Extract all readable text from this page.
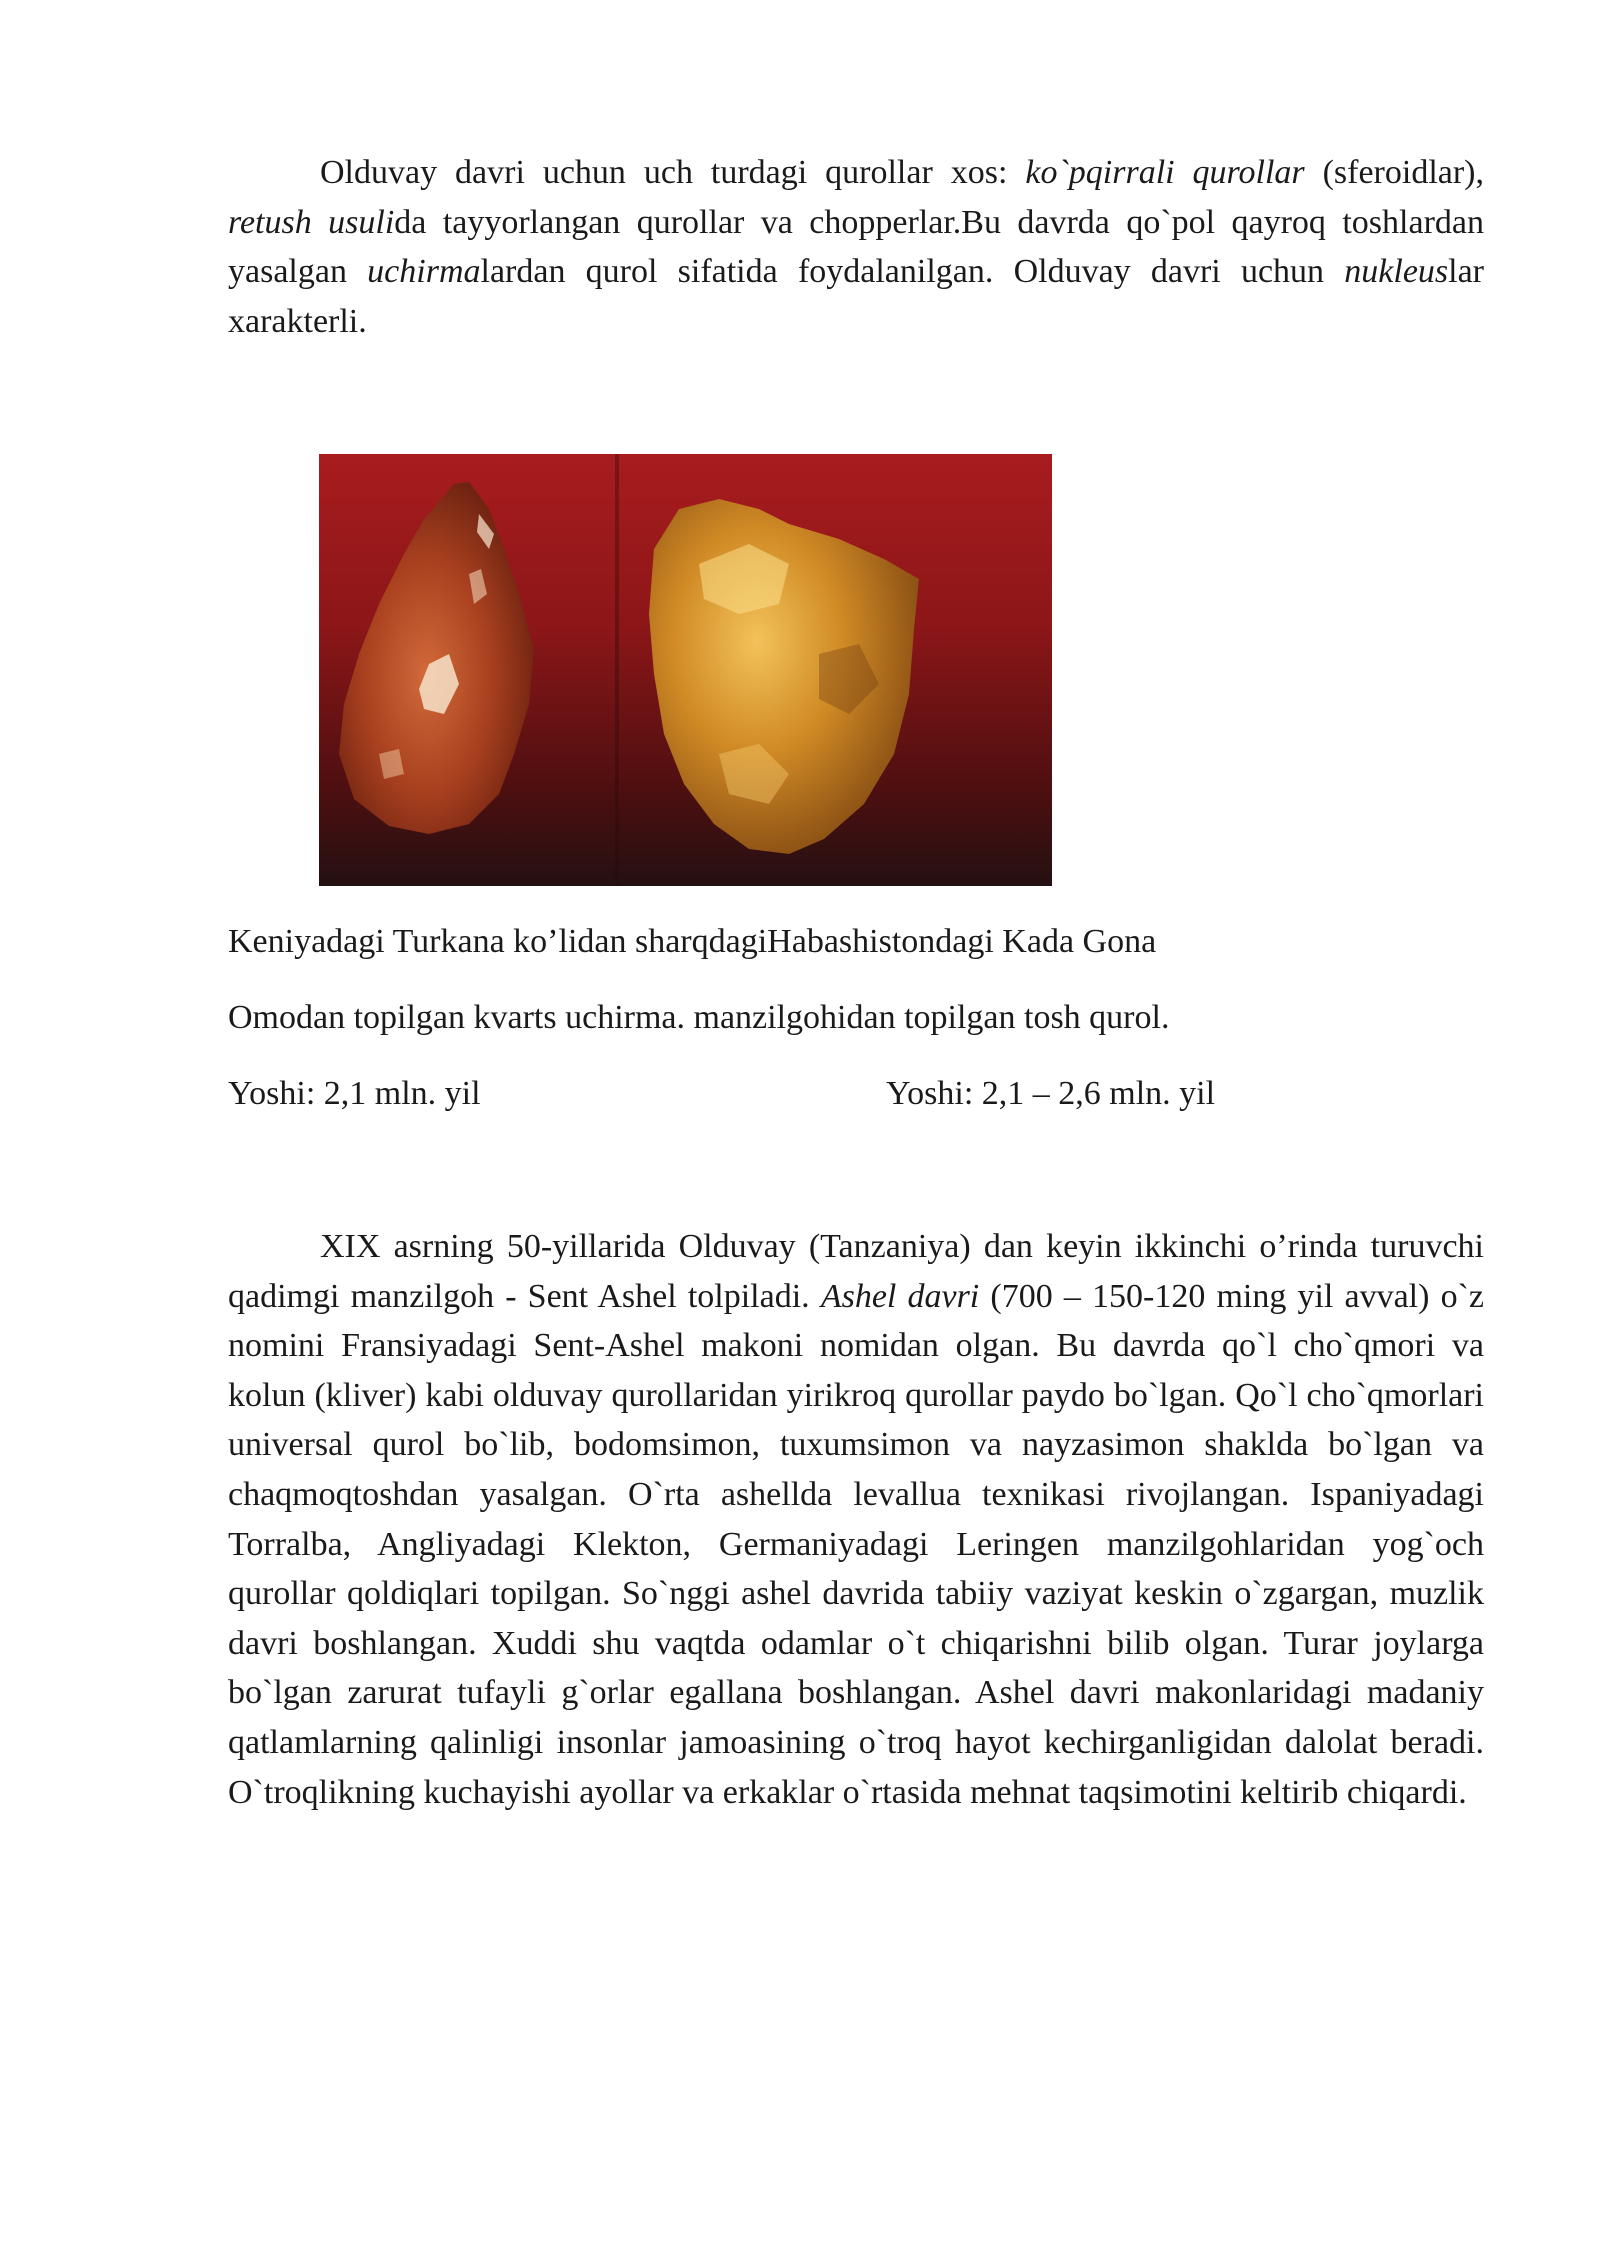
Olduvay davri uchun uch turdagi qurollar xos: ko`pqirrali qurollar (sferoidlar), retush usulida tayyorlangan qurollar va chopperlar.Bu davrda qo`pol qayroq toshlardan yasalgan uchirmalardan qurol sifatida foydalanilgan. Olduvay davri uchun nukleuslar xarakterli.

Keniyadagi Turkana ko’lidan sharqdagiHabashistondagi Kada Gona

Omodan topilgan kvarts uchirma. manzilgohidan topilgan tosh qurol.

Yoshi: 2,1 mln. yil	Yoshi: 2,1 – 2,6 mln. yil

XIX asrning 50-yillarida Olduvay (Tanzaniya) dan keyin ikkinchi o’rinda turuvchi qadimgi manzilgoh - Sent Ashel tolpiladi. Ashel davri (700 – 150-120 ming yil avval) o`z nomini Fransiyadagi Sent-Ashel makoni nomidan olgan. Bu davrda qo`l cho`qmori va kolun (kliver) kabi olduvay qurollaridan yirikroq qurollar paydo bo`lgan. Qo`l cho`qmorlari universal qurol bo`lib, bodomsimon, tuxumsimon va nayzasimon shaklda bo`lgan va chaqmoqtoshdan yasalgan. O`rta ashellda levallua texnikasi rivojlangan. Ispaniyadagi Torralba, Angliyadagi Klekton, Germaniyadagi Leringen manzilgohlaridan yog`och qurollar qoldiqlari topilgan. So`nggi ashel davrida tabiiy vaziyat keskin o`zgargan, muzlik davri boshlangan. Xuddi shu vaqtda odamlar o`t chiqarishni bilib olgan. Turar joylarga bo`lgan zarurat tufayli g`orlar egallana boshlangan. Ashel davri makonlaridagi madaniy qatlamlarning qalinligi insonlar jamoasining o`troq hayot kechirganligidan dalolat beradi. O`troqlikning kuchayishi ayollar va erkaklar o`rtasida mehnat taqsimotini keltirib chiqardi.
